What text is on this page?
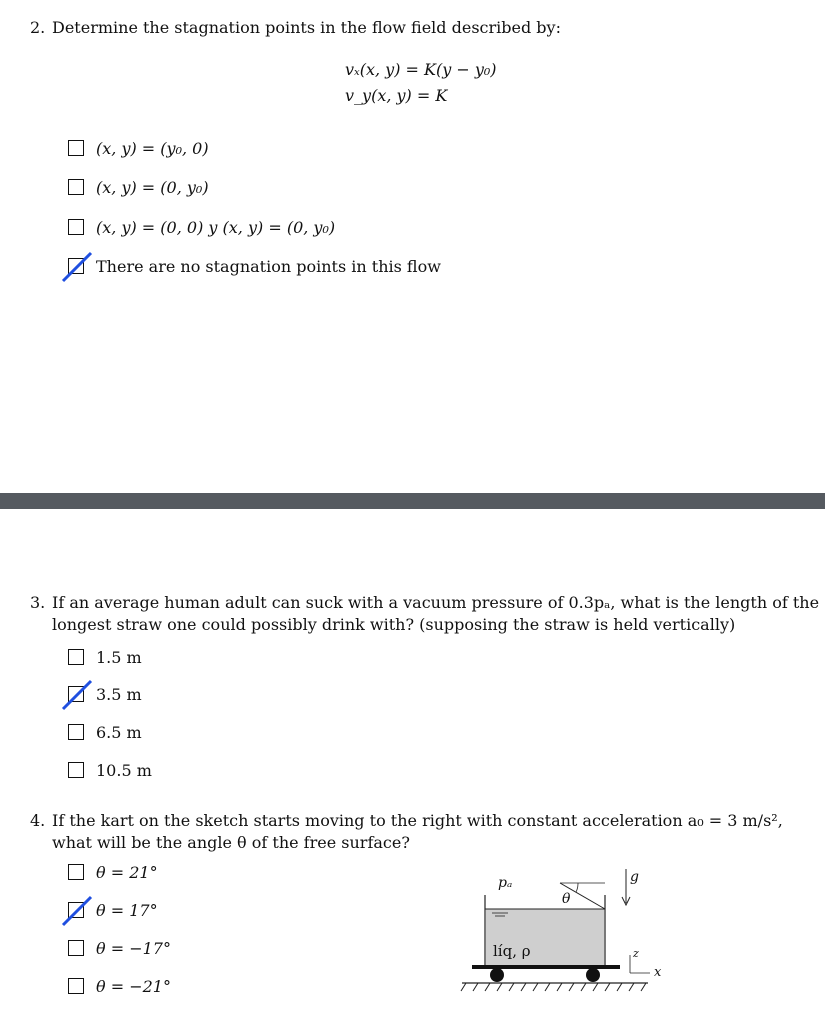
2. Determine the stagnation points in the flow field described by:
vₓ(x, y) = K(y − y₀)
v_y(x, y) = K
(x, y) = (y₀, 0)
(x, y) = (0, y₀)
(x, y) = (0, 0) y (x, y) = (0, y₀)
There are no stagnation points in this flow
3. If an average human adult can suck with a vacuum pressure of 0.3pₐ, what is the length of the
longest straw one could possibly drink with? (supposing the straw is held vertically)
1.5 m
3.5 m
6.5 m
10.5 m
4. If the kart on the sketch starts moving to the right with constant acceleration a₀ = 3 m/s²,
what will be the angle θ of the free surface?
θ = 21°
θ = 17°
θ = −17°
θ = −21°
θ
pₐ
líq, ρ
g
z
x
